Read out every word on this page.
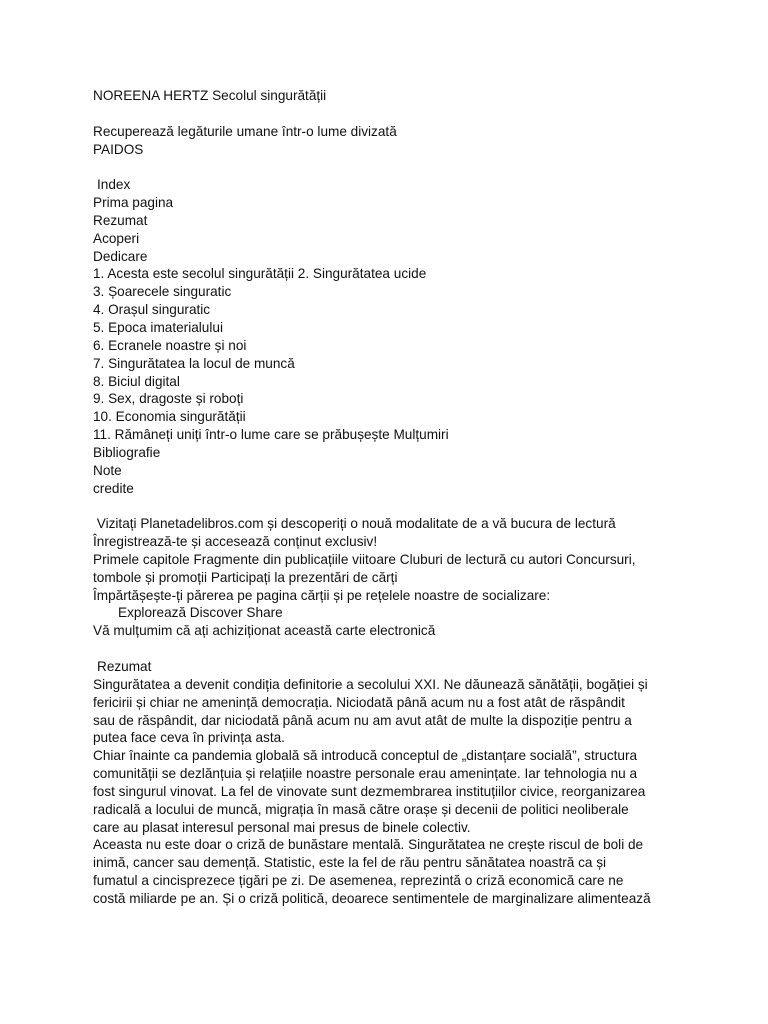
NOREENA HERTZ Secolul singurătății
Recuperează legăturile umane într-o lume divizată
PAIDOS
Index
Prima pagina
Rezumat
Acoperi
Dedicare
1. Acesta este secolul singurătății 2. Singurătatea ucide
3. Șoarecele singuratic
4. Orașul singuratic
5. Epoca imaterialului
6. Ecranele noastre și noi
7. Singurătatea la locul de muncă
8. Biciul digital
9. Sex, dragoste și roboți
10. Economia singurătății
11. Rămâneți uniți într-o lume care se prăbușește Mulțumiri
Bibliografie
Note
credite
Vizitați Planetadelibros.com și descoperiți o nouă modalitate de a vă bucura de lectură
Înregistrează-te și accesează conținut exclusiv!
Primele capitole Fragmente din publicațiile viitoare Cluburi de lectură cu autori Concursuri,
tombole și promoții Participați la prezentări de cărți
Împărtășește-ți părerea pe pagina cărții și pe rețelele noastre de socializare:
Explorează Discover Share
Vă mulțumim că ați achiziționat această carte electronică
Rezumat
Singurătatea a devenit condiția definitorie a secolului XXI. Ne dăunează sănătății, bogăției și
fericirii și chiar ne amenință democrația. Niciodată până acum nu a fost atât de răspândit
sau de răspândit, dar niciodată până acum nu am avut atât de multe la dispoziție pentru a
putea face ceva în privința asta.
Chiar înainte ca pandemia globală să introducă conceptul de „distanțare socială”, structura
comunității se dezlănțuia și relațiile noastre personale erau amenințate. Iar tehnologia nu a
fost singurul vinovat. La fel de vinovate sunt dezmembrarea instituțiilor civice, reorganizarea
radicală a locului de muncă, migrația în masă către orașe și decenii de politici neoliberale
care au plasat interesul personal mai presus de binele colectiv.
Aceasta nu este doar o criză de bunăstare mentală. Singurătatea ne crește riscul de boli de
inimă, cancer sau demență. Statistic, este la fel de rău pentru sănătatea noastră ca și
fumatul a cincisprezece țigări pe zi. De asemenea, reprezintă o criză economică care ne
costă miliarde pe an. Și o criză politică, deoarece sentimentele de marginalizare alimentează
